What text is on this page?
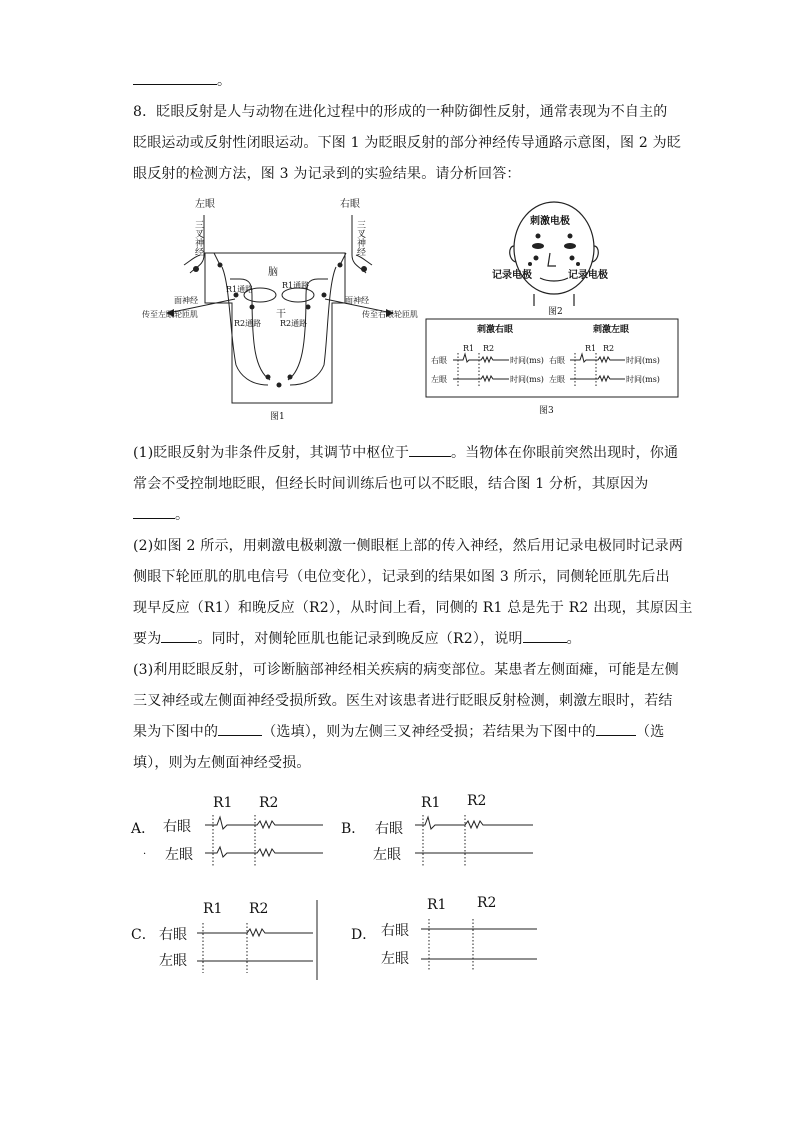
。
8．眨眼反射是人与动物在进化过程中的形成的一种防御性反射，通常表现为不自主的
眨眼运动或反射性闭眼运动。下图 1 为眨眼反射的部分神经传导通路示意图，图 2 为眨
眼反射的检测方法，图 3 为记录到的实验结果。请分析回答：
左眼	右眼
三叉神经	三叉神经
脑
干
R1通路	R1通路
R2通路 R2通路
面神经	面神经
传至左眼轮匝肌	传至右眼轮匝肌
图1
刺激电极
记录电极	记录电极
图2
刺激右眼	刺激左眼
R1 R2
右眼
左眼
时间(ms)
时间(ms)
R1 R2
右眼
左眼
时间(ms)
时间(ms)
图3
(1)眨眼反射为非条件反射，其调节中枢位于	。当物体在你眼前突然出现时，你通
常会不受控制地眨眼，但经长时间训练后也可以不眨眼，结合图 1 分析，其原因为
。
(2)如图 2 所示，用刺激电极刺激一侧眼框上部的传入神经，然后用记录电极同时记录两
侧眼下轮匝肌的肌电信号（电位变化），记录到的结果如图 3 所示，同侧轮匝肌先后出
现早反应（R1）和晚反应（R2），从时间上看，同侧的 R1 总是先于 R2 出现，其原因主
要为	。同时，对侧轮匝肌也能记录到晚反应（R2），说明	。
(3)利用眨眼反射，可诊断脑部神经相关疾病的病变部位。某患者左侧面瘫，可能是左侧
三叉神经或左侧面神经受损所致。医生对该患者进行眨眼反射检测，刺激左眼时，若结
果为下图中的	（选填），则为左侧三叉神经受损；若结果为下图中的	（选
填），则为左侧面神经受损。
A．
·
R1 R2
右眼
左眼
B．
R1 R2
右眼
左眼
C．
R1 R2
右眼
左眼
D．
R1 R2
右眼
左眼
